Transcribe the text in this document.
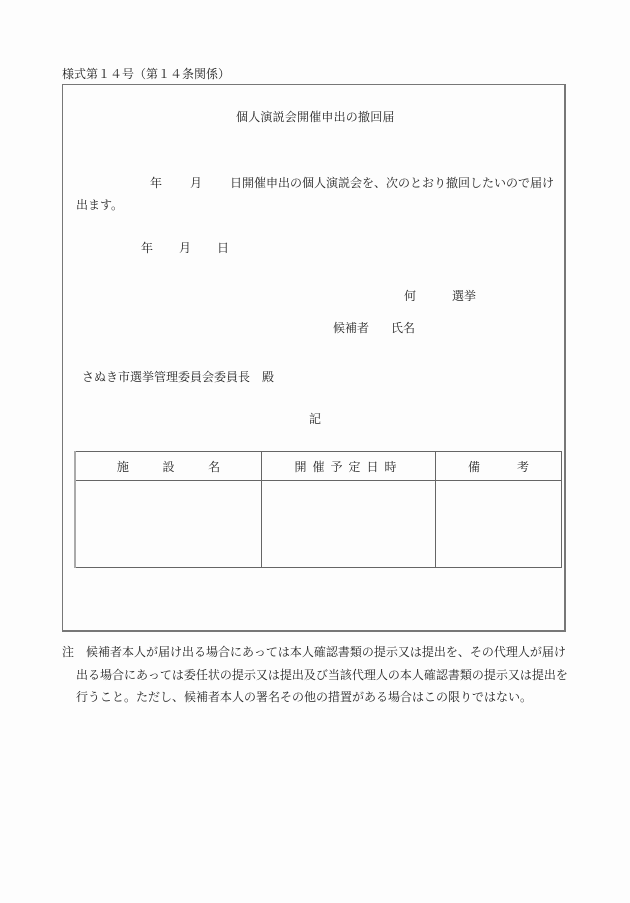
様式第１４号（第１４条関係）
個人演説会開催申出の撤回届
年 月 日開催申出の個人演説会を、次のとおり撤回したいので届け
出ます。
年 月 日
何	選挙
候補者 氏名
さぬき市選挙管理委員会委員長 殿
記
施 設 名	開催予定日時	備 考

注　候補者本人が届け出る場合にあっては本人確認書類の提示又は提出を、その代理人が届け
出る場合にあっては委任状の提示又は提出及び当該代理人の本人確認書類の提示又は提出を
行うこと。ただし、候補者本人の署名その他の措置がある場合はこの限りではない。
